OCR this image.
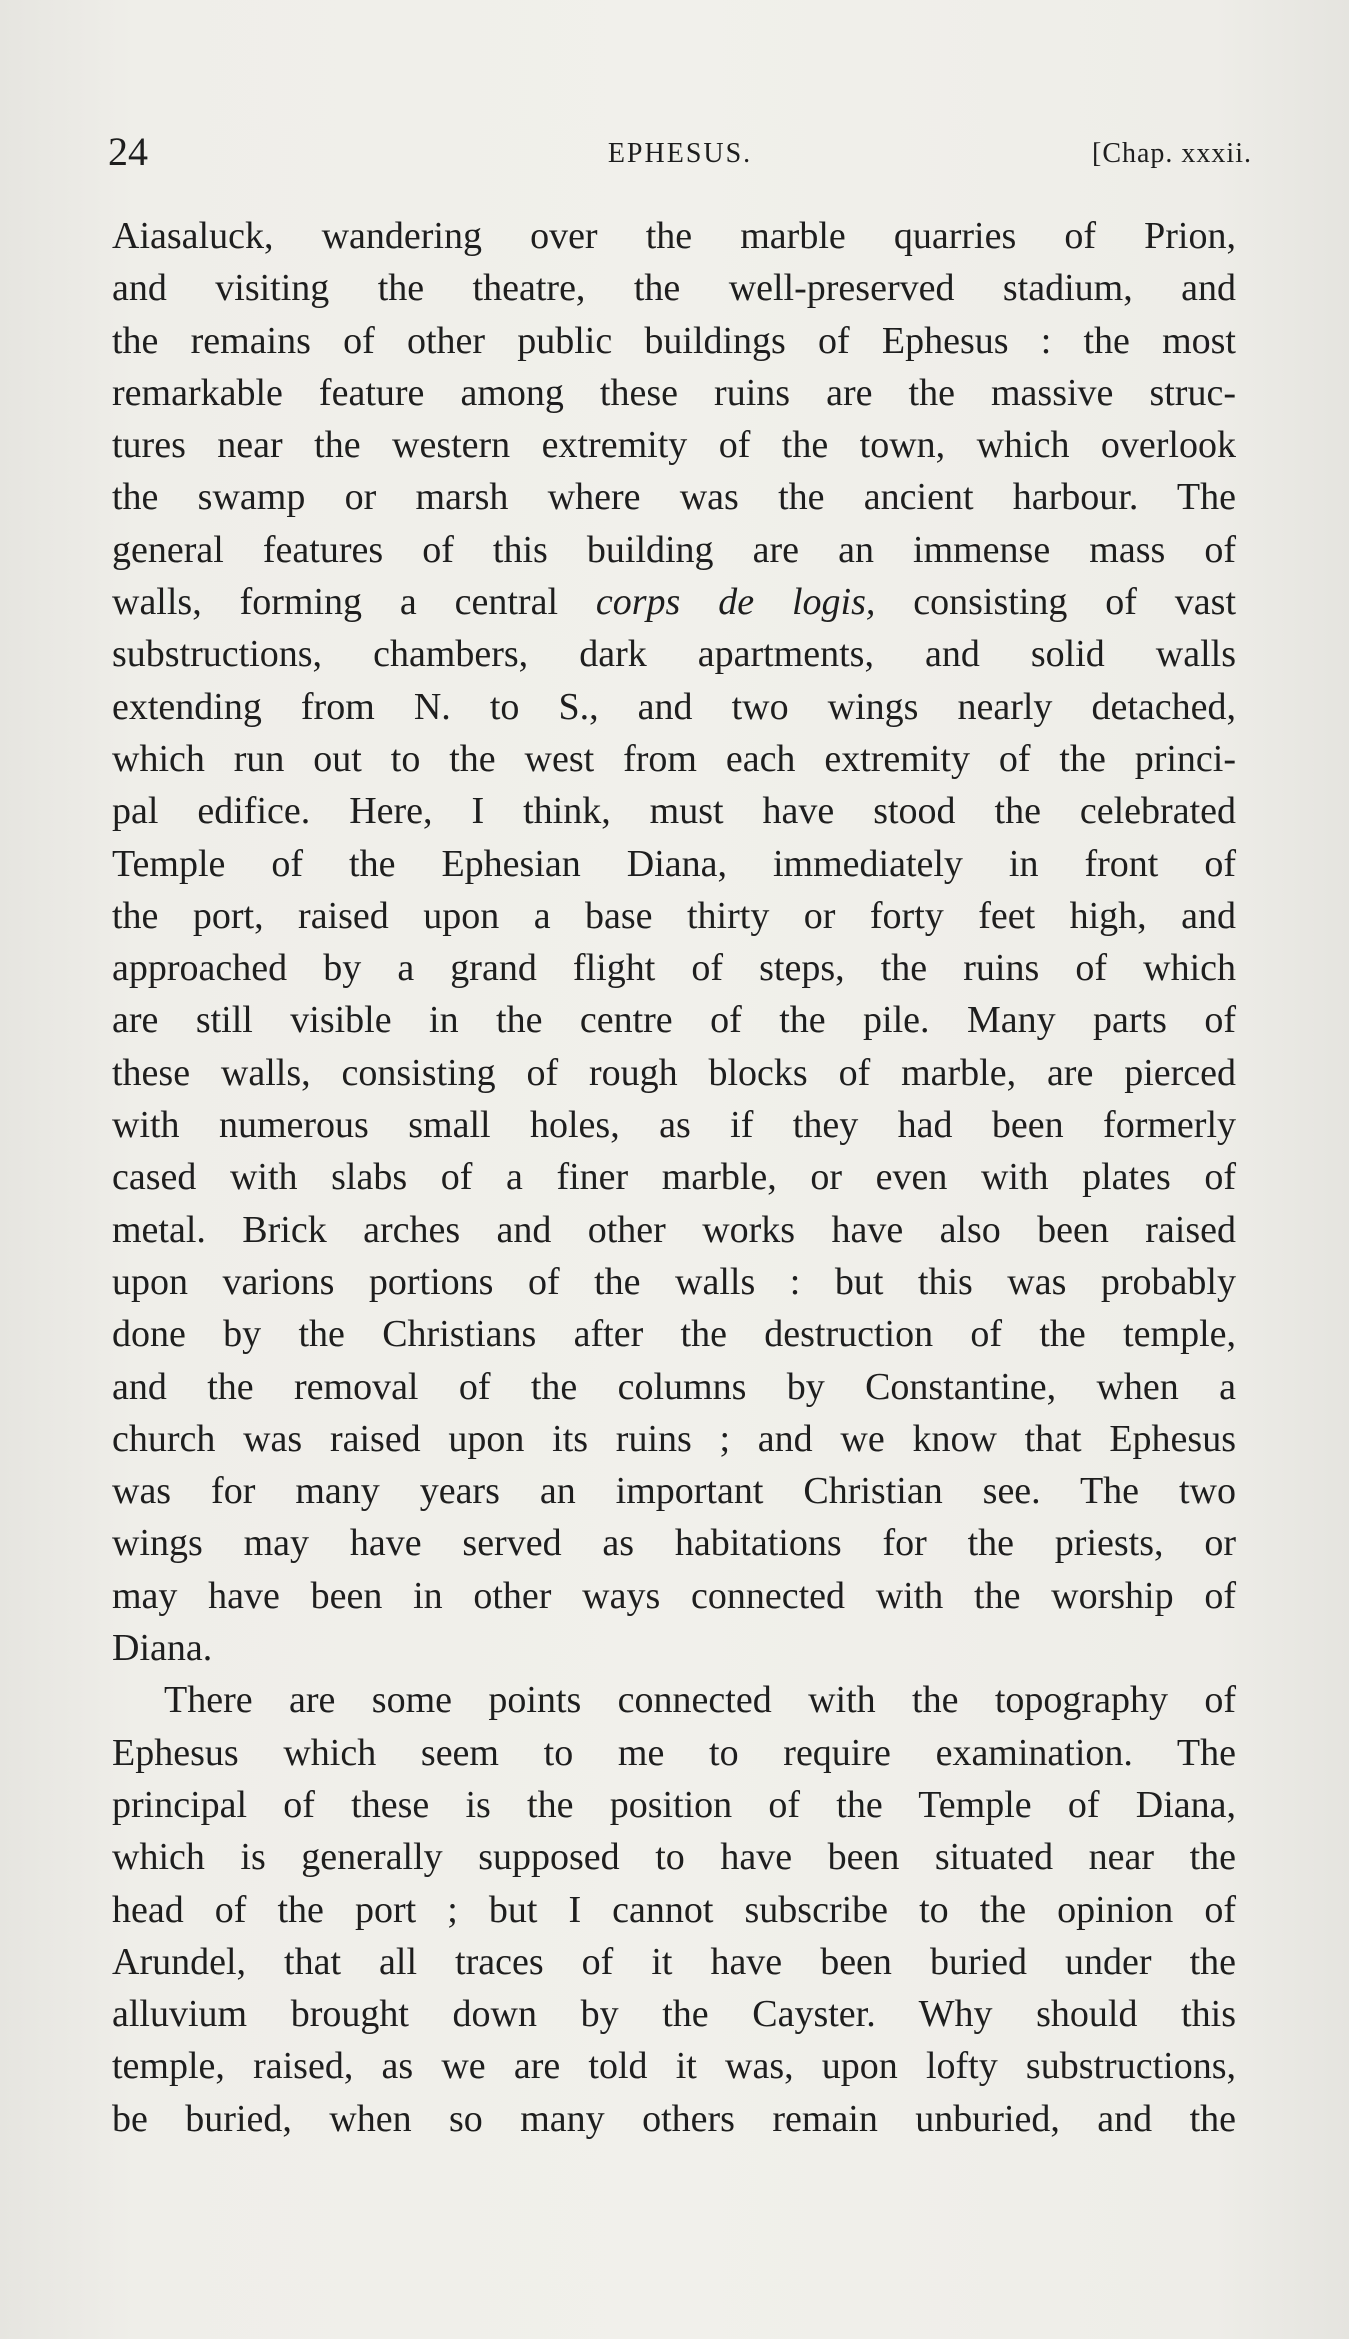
24	EPHESUS.	[Chap. xxxii.
Aiasaluck, wandering over the marble quarries of Prion,
and visiting the theatre, the well-preserved stadium, and
the remains of other public buildings of Ephesus : the most
remarkable feature among these ruins are the massive struc-
tures near the western extremity of the town, which overlook
the swamp or marsh where was the ancient harbour. The
general features of this building are an immense mass of
walls, forming a central corps de logis, consisting of vast
substructions, chambers, dark apartments, and solid walls
extending from N. to S., and two wings nearly detached,
which run out to the west from each extremity of the princi-
pal edifice. Here, I think, must have stood the celebrated
Temple of the Ephesian Diana, immediately in front of
the port, raised upon a base thirty or forty feet high, and
approached by a grand flight of steps, the ruins of which
are still visible in the centre of the pile. Many parts of
these walls, consisting of rough blocks of marble, are pierced
with numerous small holes, as if they had been formerly
cased with slabs of a finer marble, or even with plates of
metal. Brick arches and other works have also been raised
upon varions portions of the walls : but this was probably
done by the Christians after the destruction of the temple,
and the removal of the columns by Constantine, when a
church was raised upon its ruins ; and we know that Ephesus
was for many years an important Christian see. The two
wings may have served as habitations for the priests, or
may have been in other ways connected with the worship of
Diana.
There are some points connected with the topography of
Ephesus which seem to me to require examination. The
principal of these is the position of the Temple of Diana,
which is generally supposed to have been situated near the
head of the port ; but I cannot subscribe to the opinion of
Arundel, that all traces of it have been buried under the
alluvium brought down by the Cayster. Why should this
temple, raised, as we are told it was, upon lofty substructions,
be buried, when so many others remain unburied, and the
